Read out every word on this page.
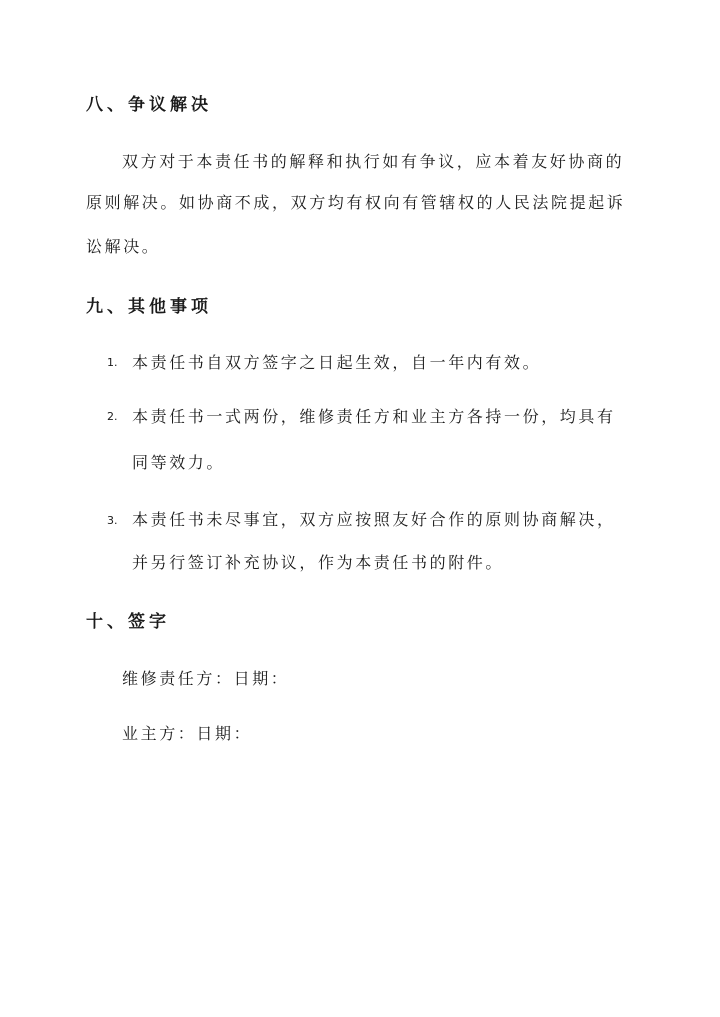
八、争议解决
双方对于本责任书的解释和执行如有争议，应本着友好协商的
原则解决。如协商不成，双方均有权向有管辖权的人民法院提起诉
讼解决。
九、其他事项
1. 本责任书自双方签字之日起生效，自一年内有效。
2. 本责任书一式两份，维修责任方和业主方各持一份，均具有
同等效力。
3. 本责任书未尽事宜，双方应按照友好合作的原则协商解决，
并另行签订补充协议，作为本责任书的附件。
十、签字
维修责任方：日期：
业主方：日期：
